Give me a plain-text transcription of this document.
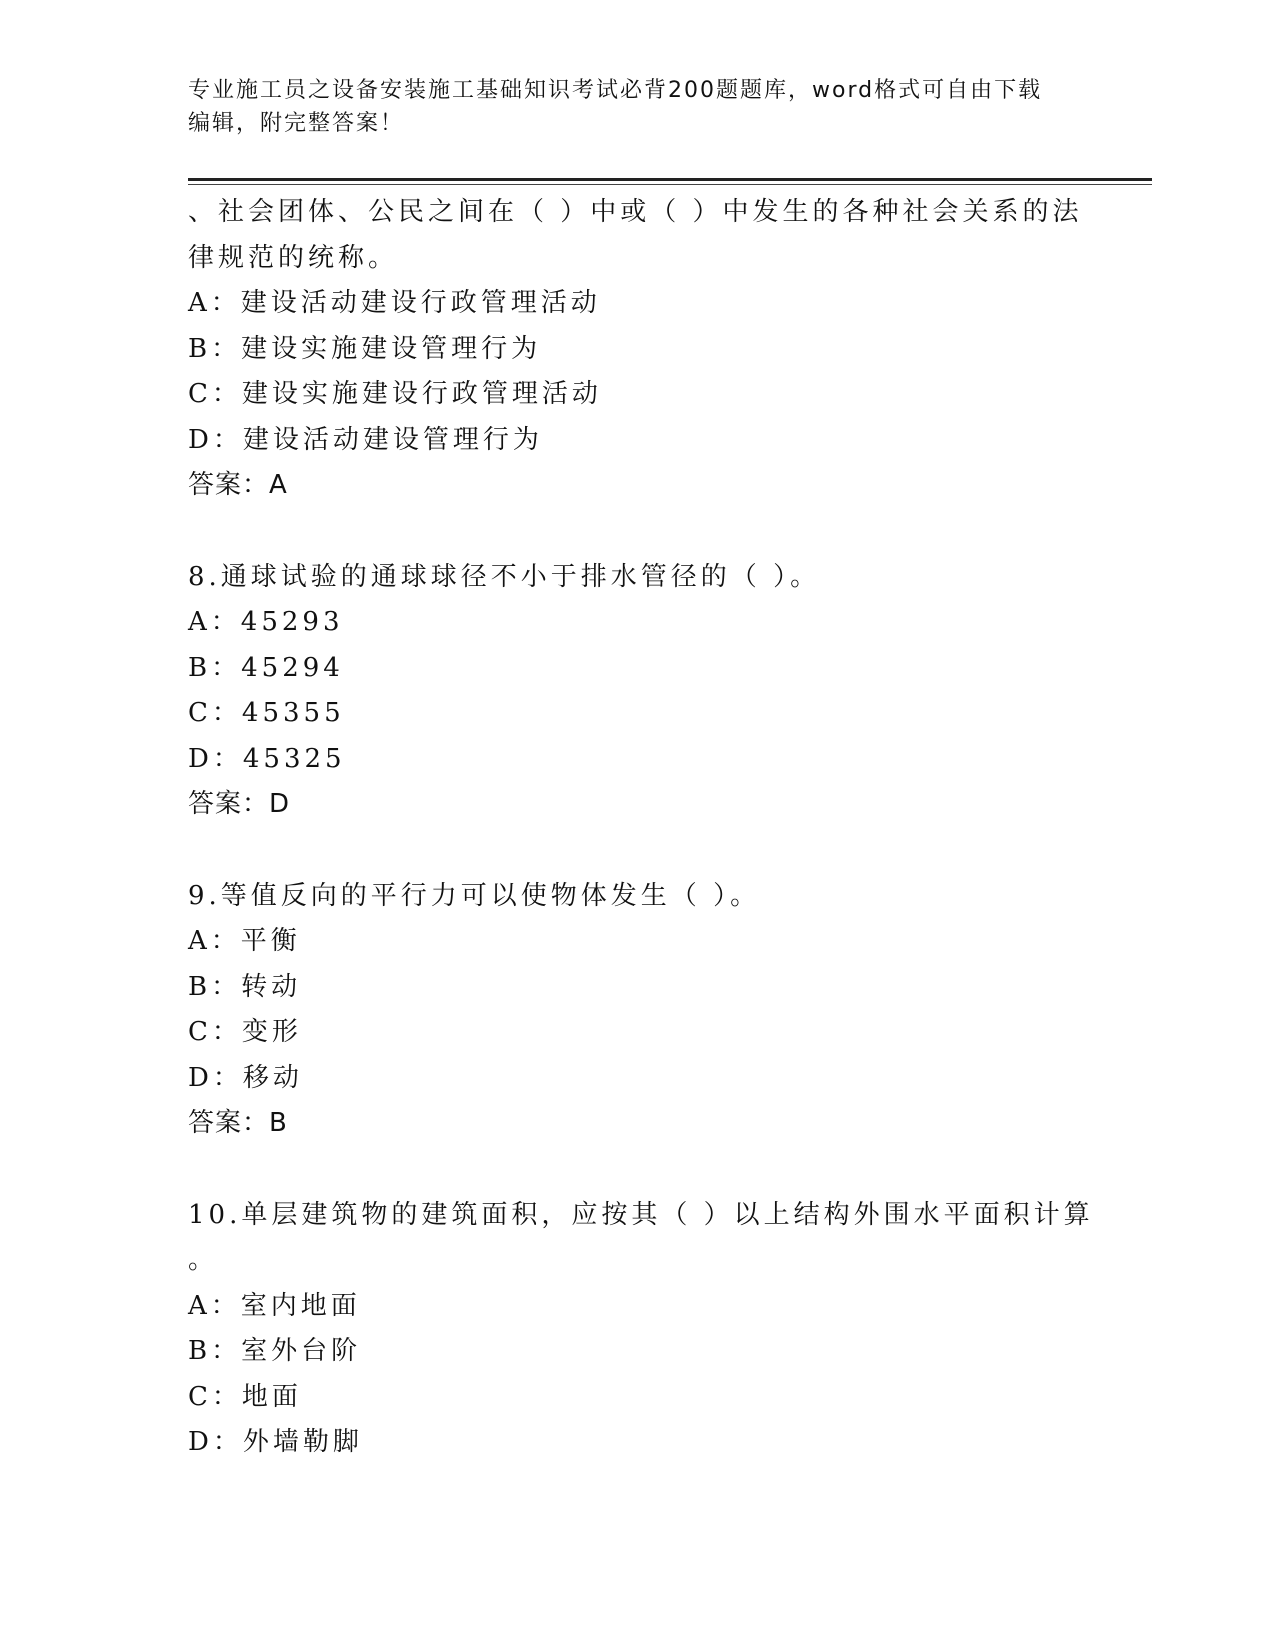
专业施工员之设备安装施工基础知识考试必背200题题库，word格式可自由下载
编辑，附完整答案！
、社会团体、公民之间在（ ）中或（ ）中发生的各种社会关系的法
律规范的统称。
A：建设活动建设行政管理活动
B：建设实施建设管理行为
C：建设实施建设行政管理活动
D：建设活动建设管理行为
答案：A
8.通球试验的通球球径不小于排水管径的（ ）。
A：45293
B：45294
C：45355
D：45325
答案：D
9.等值反向的平行力可以使物体发生（ ）。
A：平衡
B：转动
C：变形
D：移动
答案：B
10.单层建筑物的建筑面积，应按其（ ）以上结构外围水平面积计算
。
A：室内地面
B：室外台阶
C：地面
D：外墙勒脚
